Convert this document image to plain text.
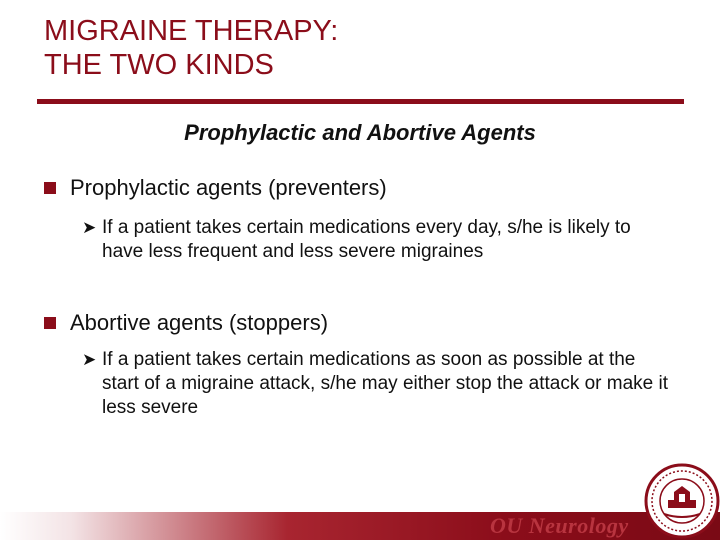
MIGRAINE THERAPY:
THE TWO KINDS
Prophylactic and Abortive Agents
Prophylactic agents (preventers)
➤ If a patient takes certain medications every day, s/he is likely to have less frequent and less severe migraines
Abortive agents (stoppers)
➤ If a patient takes certain medications as soon as possible at the start of a migraine attack, s/he may either stop the attack or make it less severe
OU Neurology
